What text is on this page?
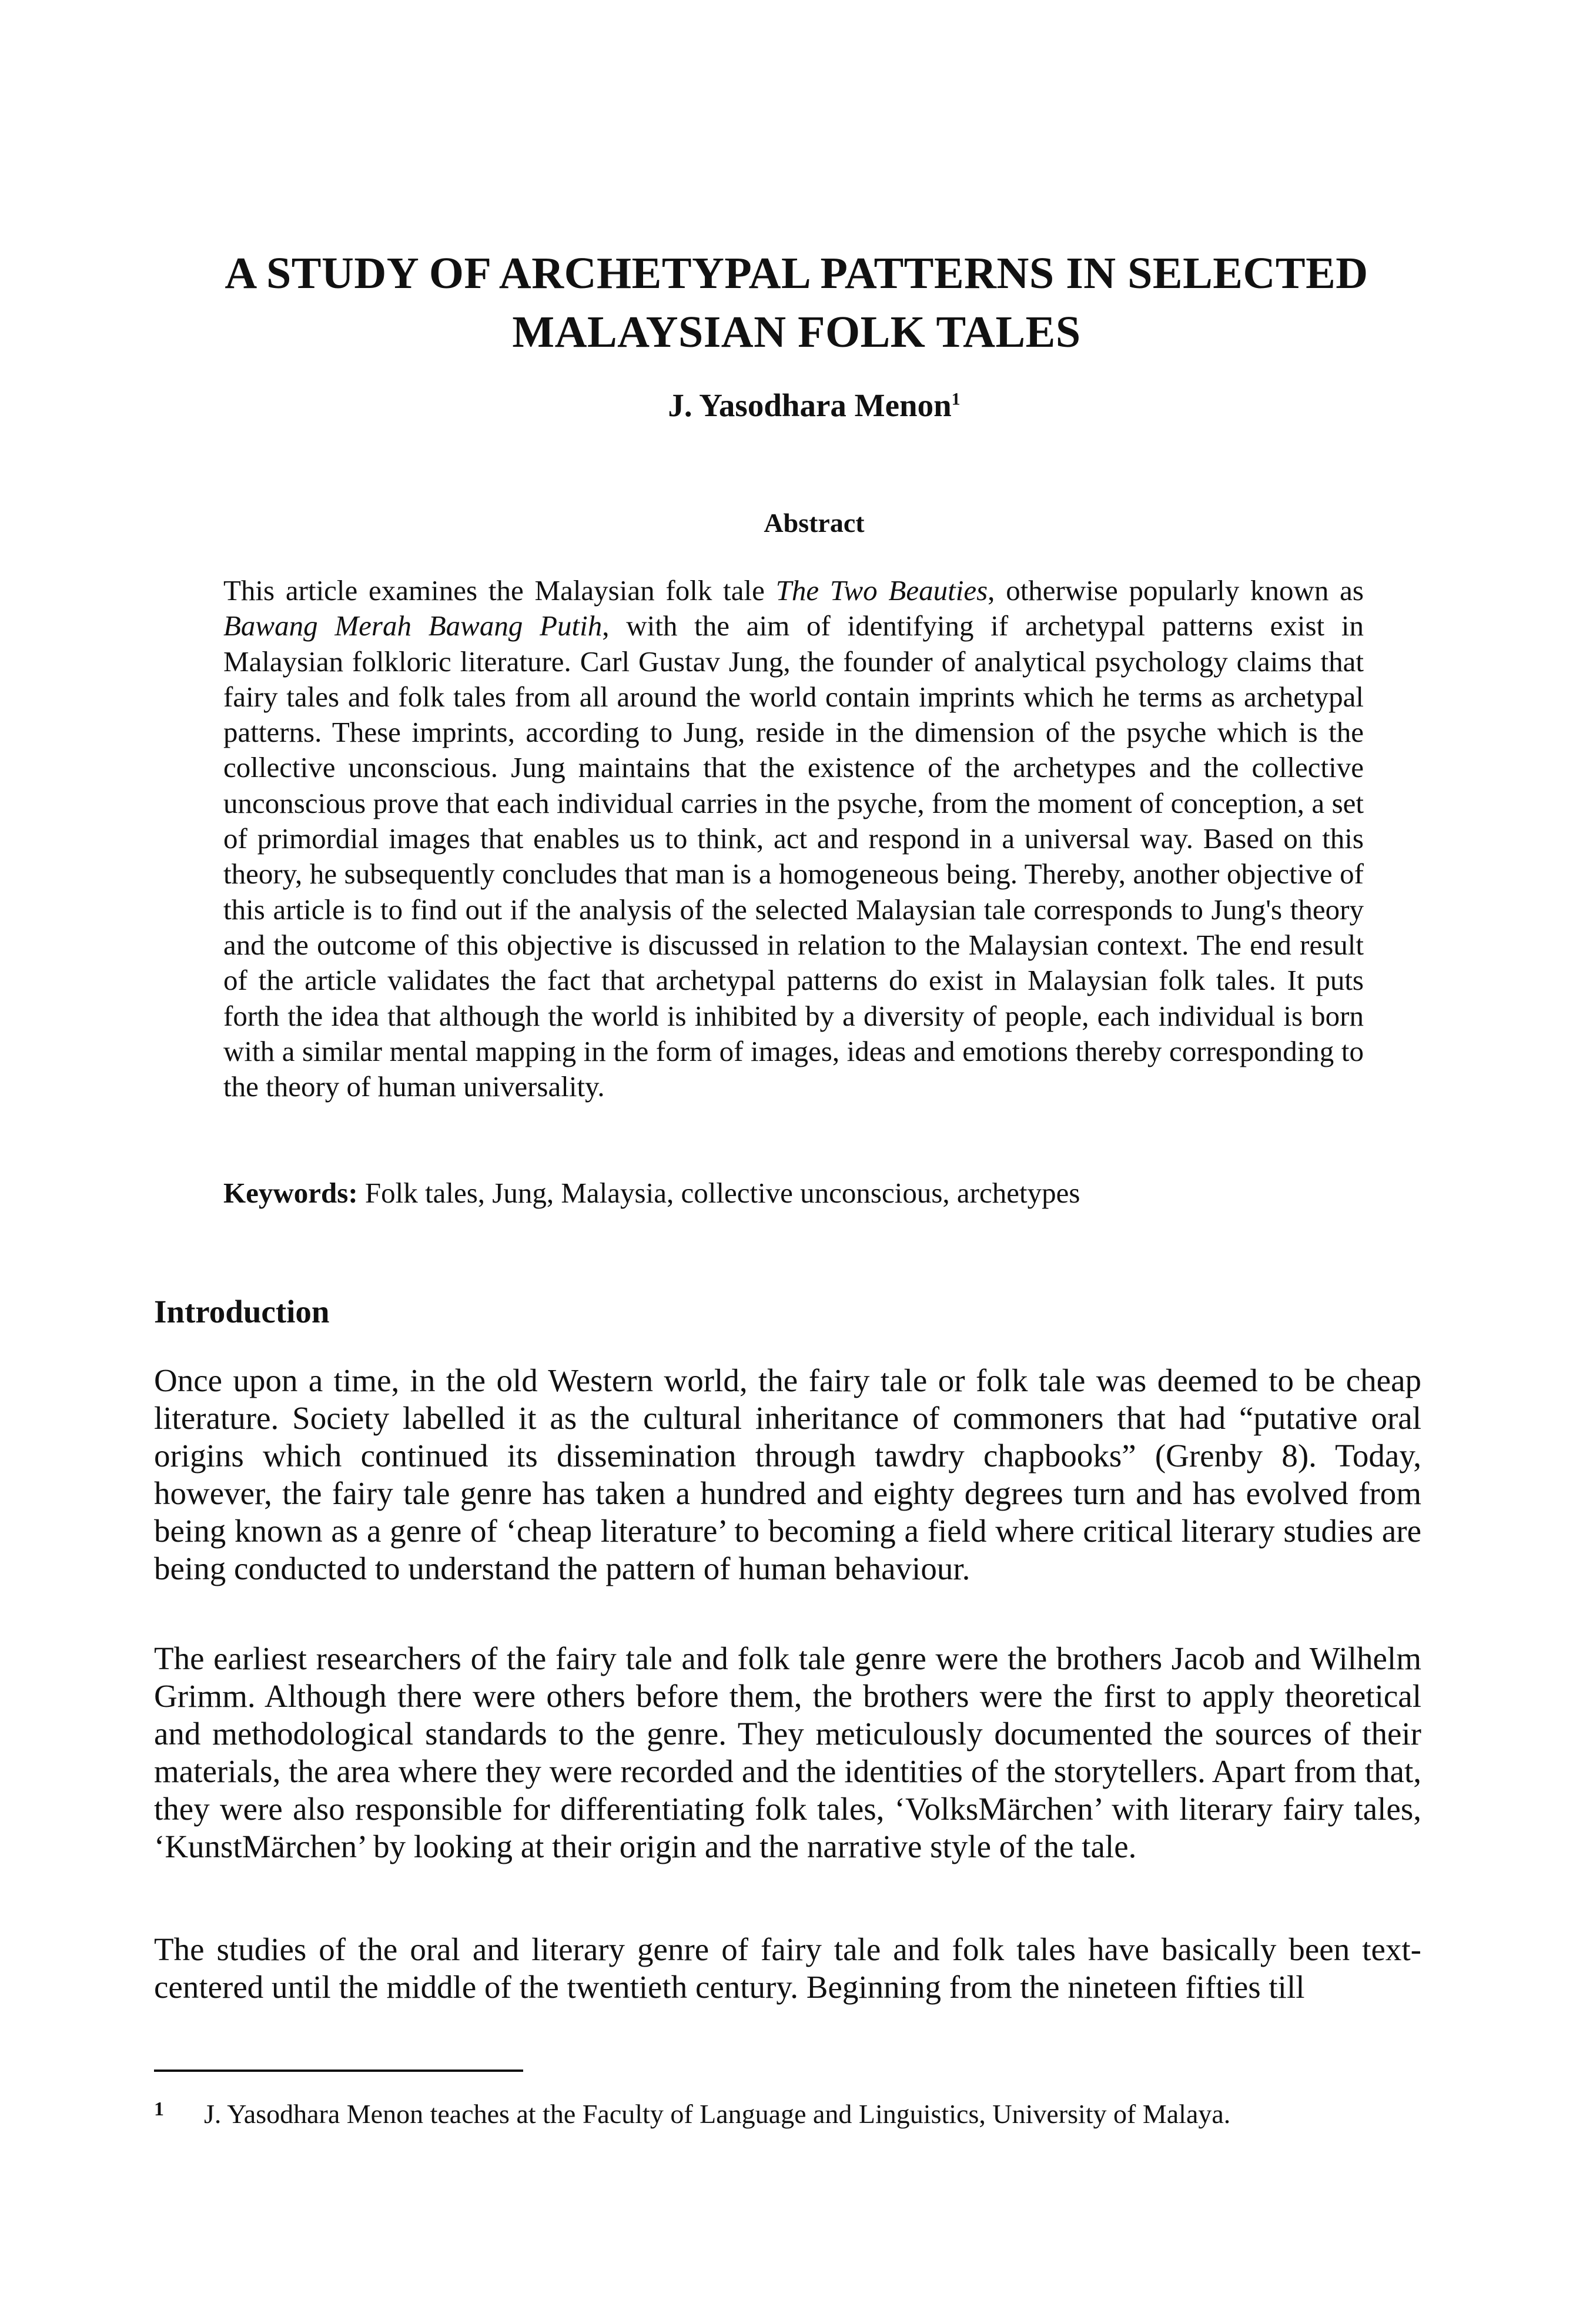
A STUDY OF ARCHETYPAL PATTERNS IN SELECTED
MALAYSIAN FOLK TALES
J. Yasodhara Menon$^1$
Abstract

This article examines the Malaysian folk tale The Two Beauties, otherwise popularly known as Bawang Merah Bawang Putih, with the aim of identifying if archetypal patterns exist in Malaysian folkloric literature. Carl Gustav Jung, the founder of analytical psychology claims that fairy tales and folk tales from all around the world contain imprints which he terms as archetypal patterns. These imprints, according to Jung, reside in the dimension of the psyche which is the collective unconscious. Jung maintains that the existence of the archetypes and the collective unconscious prove that each individual carries in the psyche, from the moment of conception, a set of primordial images that enables us to think, act and respond in a universal way. Based on this theory, he subsequently concludes that man is a homogeneous being. Thereby, another objective of this article is to find out if the analysis of the selected Malaysian tale corresponds to Jung's theory and the outcome of this objective is discussed in relation to the Malaysian context. The end result of the article validates the fact that archetypal patterns do exist in Malaysian folk tales. It puts forth the idea that although the world is inhibited by a diversity of people, each individual is born with a similar mental mapping in the form of images, ideas and emotions thereby corresponding to the theory of human universality.

Keywords: Folk tales, Jung, Malaysia, collective unconscious, archetypes

Introduction

Once upon a time, in the old Western world, the fairy tale or folk tale was deemed to be cheap literature. Society labelled it as the cultural inheritance of commoners that had “putative oral origins which continued its dissemination through tawdry chapbooks” (Grenby 8). Today, however, the fairy tale genre has taken a hundred and eighty degrees turn and has evolved from being known as a genre of ‘cheap literature’ to becoming a field where critical literary studies are being conducted to understand the pattern of human behaviour.

The earliest researchers of the fairy tale and folk tale genre were the brothers Jacob and Wilhelm Grimm. Although there were others before them, the brothers were the first to apply theoretical and methodological standards to the genre. They meticulously documented the sources of their materials, the area where they were recorded and the identities of the storytellers. Apart from that, they were also responsible for differentiating folk tales, ‘VolksMärchen’ with literary fairy tales, ‘KunstMärchen’ by looking at their origin and the narrative style of the tale.

The studies of the oral and literary genre of fairy tale and folk tales have basically been text-centered until the middle of the twentieth century. Beginning from the nineteen fifties till

1 J. Yasodhara Menon teaches at the Faculty of Language and Linguistics, University of Malaya.
